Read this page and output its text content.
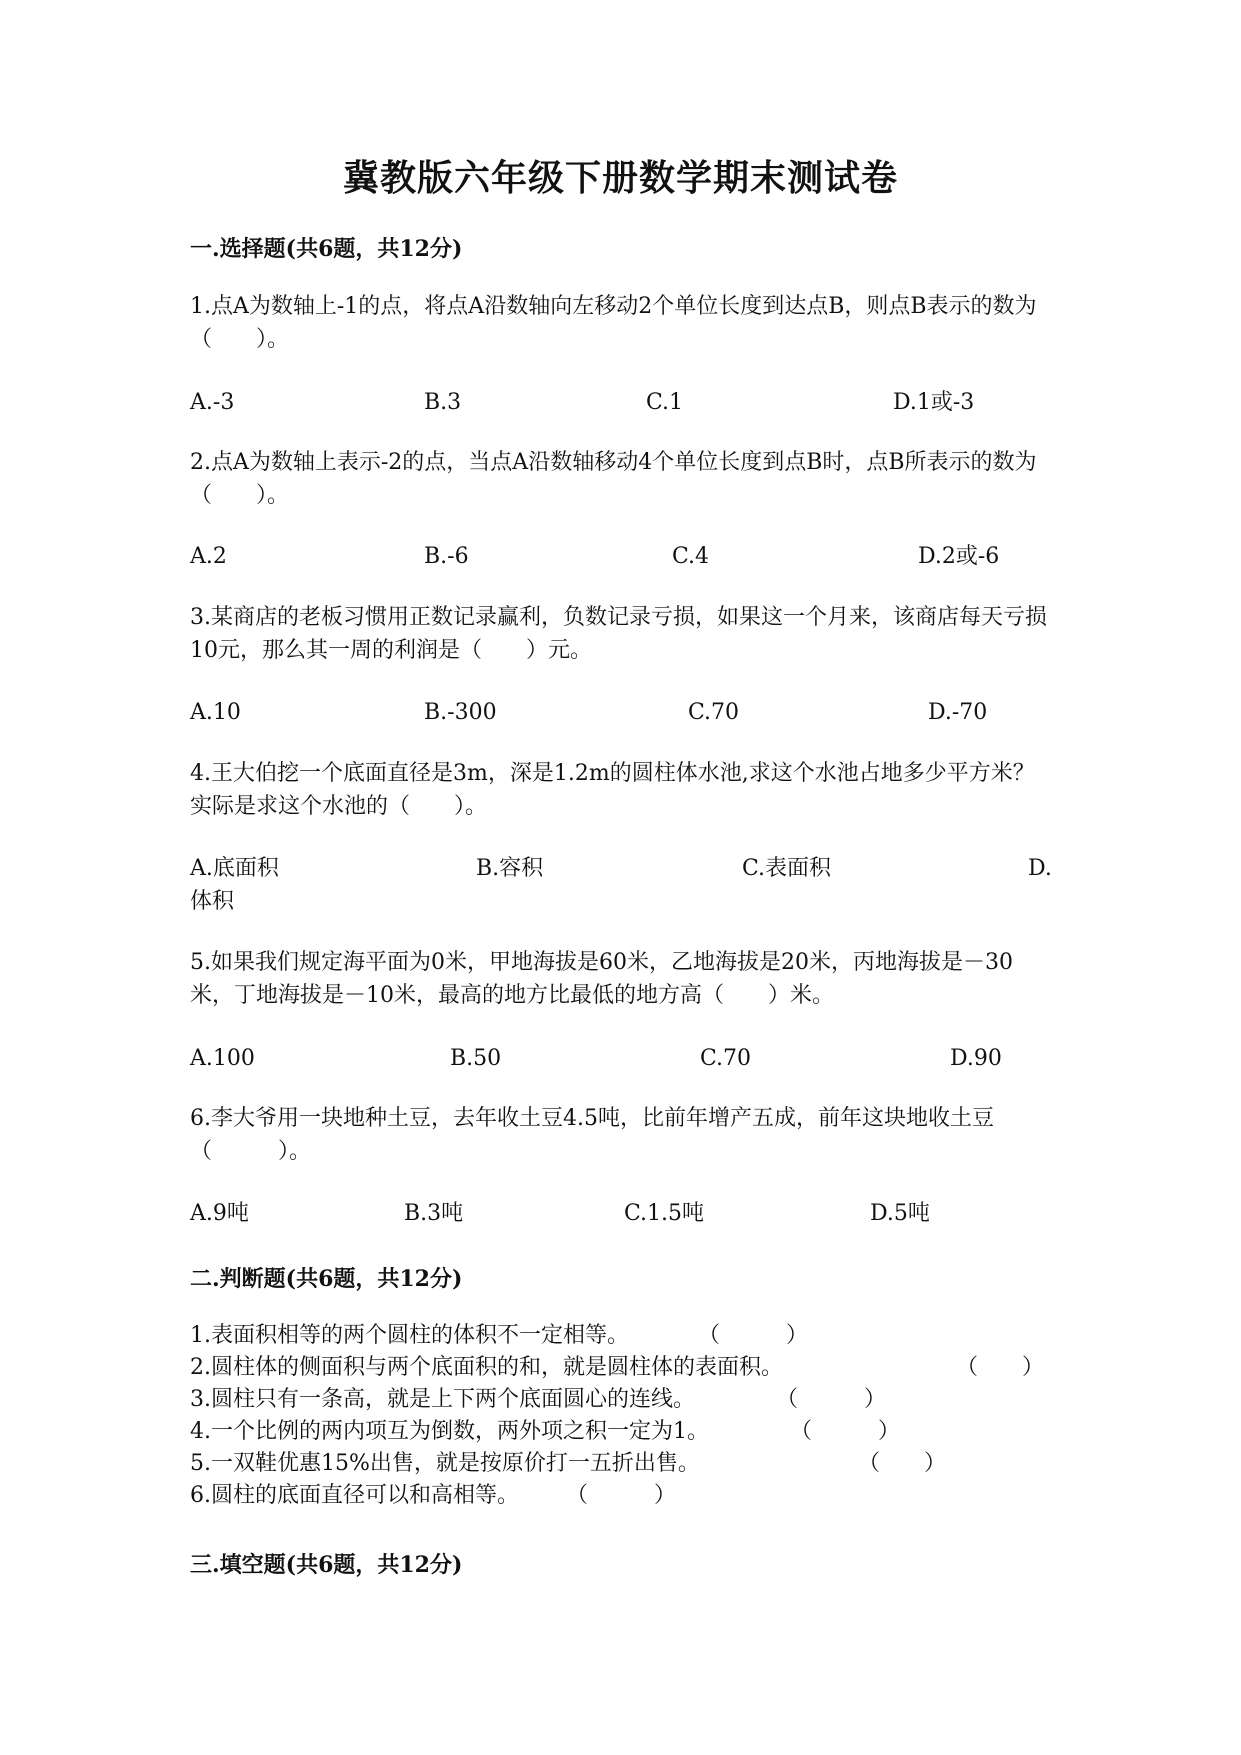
冀教版六年级下册数学期末测试卷
一.选择题(共6题，共12分)
1.点A为数轴上-1的点，将点A沿数轴向左移动2个单位长度到达点B，则点B表示的数为（　　）。
A.-3	B.3	C.1	D.1或-3
2.点A为数轴上表示-2的点，当点A沿数轴移动4个单位长度到点B时，点B所表示的数为（　　）。
A.2	B.-6	C.4	D.2或-6
3.某商店的老板习惯用正数记录赢利，负数记录亏损，如果这一个月来，该商店每天亏损10元，那么其一周的利润是（　　）元。
A.10	B.-300	C.70	D.-70
4.王大伯挖一个底面直径是3m，深是1.2m的圆柱体水池,求这个水池占地多少平方米？实际是求这个水池的（　　）。
A.底面积	B.容积	C.表面积	D.
体积
5.如果我们规定海平面为0米，甲地海拔是60米，乙地海拔是20米，丙地海拔是－30米，丁地海拔是－10米，最高的地方比最低的地方高（　　）米。
A.100	B.50	C.70	D.90
6.李大爷用一块地种土豆，去年收土豆4.5吨，比前年增产五成，前年这块地收土豆（　　　）。
A.9吨	B.3吨	C.1.5吨	D.5吨
二.判断题(共6题，共12分)
1.表面积相等的两个圆柱的体积不一定相等。	（　　　）
2.圆柱体的侧面积与两个底面积的和，就是圆柱体的表面积。	（　　）
3.圆柱只有一条高，就是上下两个底面圆心的连线。	（　　　）
4.一个比例的两内项互为倒数，两外项之积一定为1。	（　　　）
5.一双鞋优惠15%出售，就是按原价打一五折出售。	（　　）
6.圆柱的底面直径可以和高相等。 （　　　）
三.填空题(共6题，共12分)
